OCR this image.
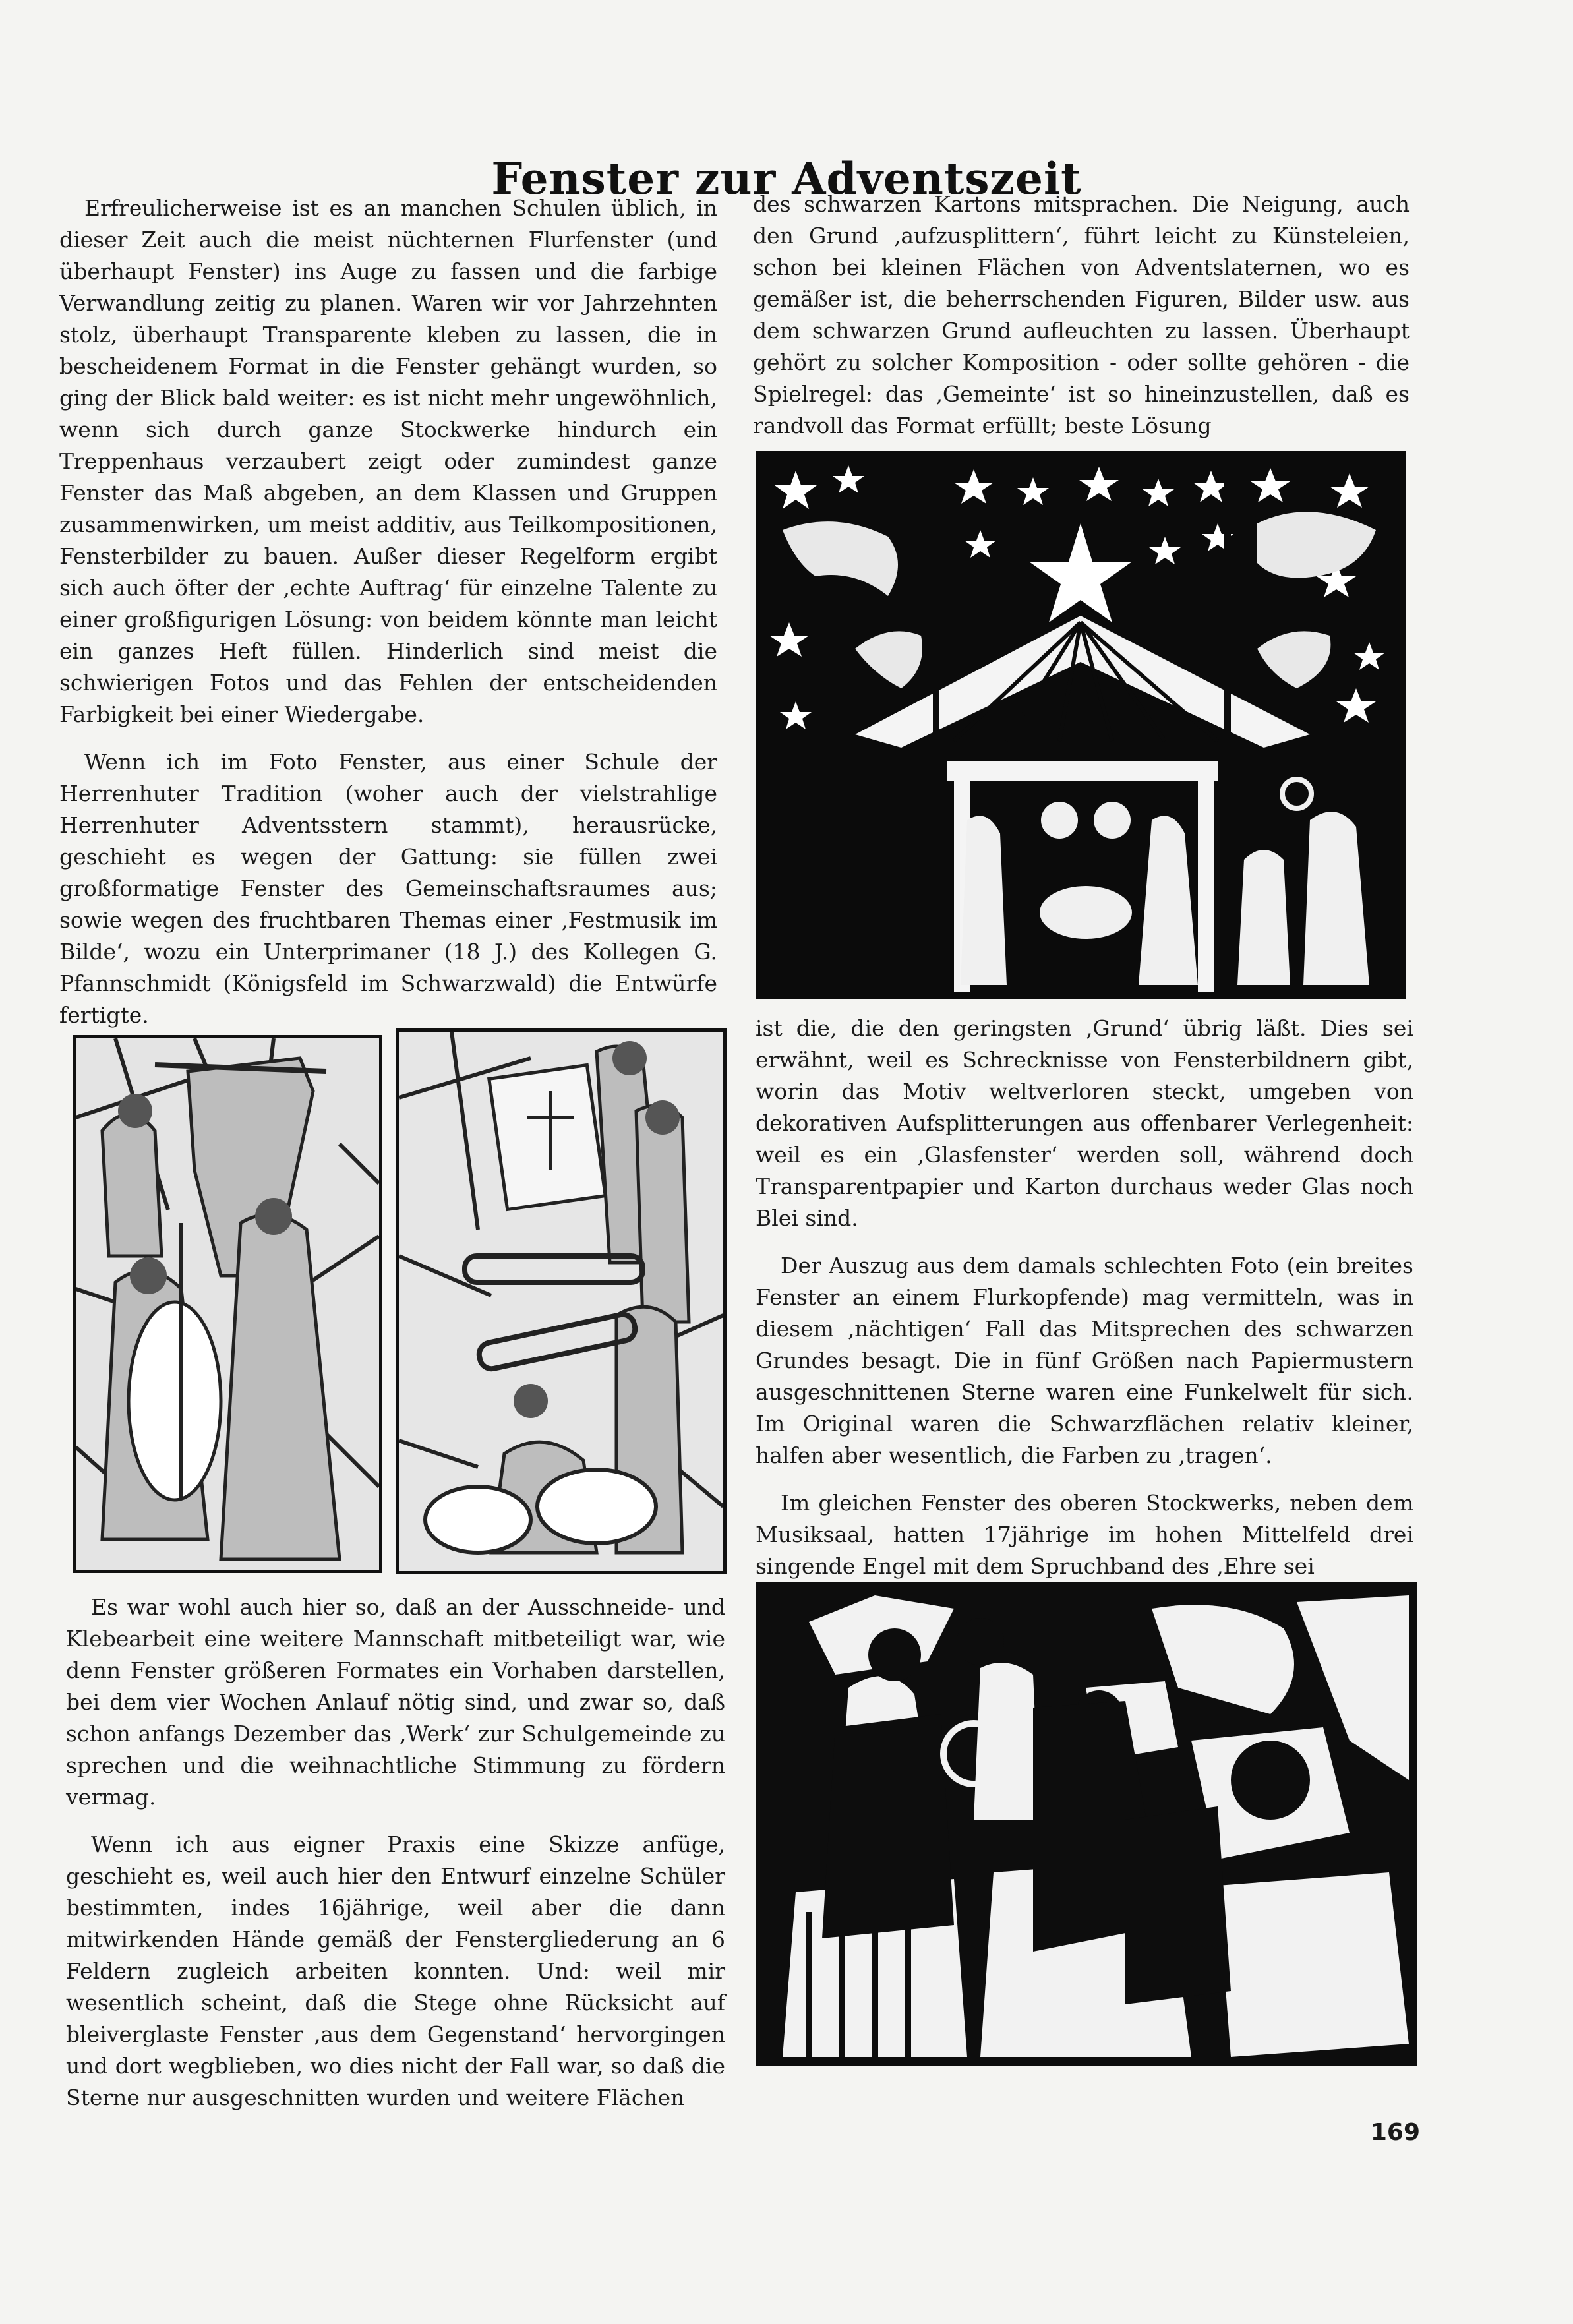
Fenster zur Adventszeit

Erfreulicherweise ist es an manchen Schulen üblich, in dieser Zeit auch die meist nüchternen Flurfenster (und überhaupt Fenster) ins Auge zu fassen und die farbige Verwandlung zeitig zu planen. Waren wir vor Jahrzehnten stolz, überhaupt Transparente kleben zu lassen, die in bescheidenem Format in die Fenster gehängt wurden, so ging der Blick bald weiter: es ist nicht mehr ungewöhnlich, wenn sich durch ganze Stockwerke hindurch ein Treppenhaus verzaubert zeigt oder zumindest ganze Fenster das Maß abgeben, an dem Klassen und Gruppen zusammenwirken, um meist additiv, aus Teilkompositionen, Fensterbilder zu bauen. Außer dieser Regelform ergibt sich auch öfter der ‚echte Auftrag‘ für einzelne Talente zu einer großfigurigen Lösung: von beidem könnte man leicht ein ganzes Heft füllen. Hinderlich sind meist die schwierigen Fotos und das Fehlen der entscheidenden Farbigkeit bei einer Wiedergabe.

Wenn ich im Foto Fenster, aus einer Schule der Herrenhuter Tradition (woher auch der vielstrahlige Herrenhuter Adventsstern stammt), herausrücke, geschieht es wegen der Gattung: sie füllen zwei großformatige Fenster des Gemeinschaftsraumes aus; sowie wegen des fruchtbaren Themas einer ‚Festmusik im Bilde‘, wozu ein Unterprimaner (18 J.) des Kollegen G. Pfannschmidt (Königsfeld im Schwarzwald) die Entwürfe fertigte.

des schwarzen Kartons mitsprachen. Die Neigung, auch den Grund ‚aufzusplittern‘, führt leicht zu Künsteleien, schon bei kleinen Flächen von Adventslaternen, wo es gemäßer ist, die beherrschenden Figuren, Bilder usw. aus dem schwarzen Grund aufleuchten zu lassen. Überhaupt gehört zu solcher Komposition - oder sollte gehören - die Spielregel: das ‚Gemeinte‘ ist so hineinzustellen, daß es randvoll das Format erfüllt; beste Lösung

ist die, die den geringsten ‚Grund‘ übrig läßt. Dies sei erwähnt, weil es Schrecknisse von Fensterbildnern gibt, worin das Motiv weltverloren steckt, umgeben von dekorativen Aufsplitterungen aus offenbarer Verlegenheit: weil es ein ‚Glasfenster‘ werden soll, während doch Transparentpapier und Karton durchaus weder Glas noch Blei sind.

Der Auszug aus dem damals schlechten Foto (ein breites Fenster an einem Flurkopfende) mag vermitteln, was in diesem ‚nächtigen‘ Fall das Mitsprechen des schwarzen Grundes besagt. Die in fünf Größen nach Papiermustern ausgeschnittenen Sterne waren eine Funkelwelt für sich. Im Original waren die Schwarzflächen relativ kleiner, halfen aber wesentlich, die Farben zu ‚tragen‘.

Im gleichen Fenster des oberen Stockwerks, neben dem Musiksaal, hatten 17jährige im hohen Mittelfeld drei singende Engel mit dem Spruchband des ‚Ehre sei

Es war wohl auch hier so, daß an der Ausschneide- und Klebearbeit eine weitere Mannschaft mitbeteiligt war, wie denn Fenster größeren Formates ein Vorhaben darstellen, bei dem vier Wochen Anlauf nötig sind, und zwar so, daß schon anfangs Dezember das ‚Werk‘ zur Schulgemeinde zu sprechen und die weihnachtliche Stimmung zu fördern vermag.

Wenn ich aus eigner Praxis eine Skizze anfüge, geschieht es, weil auch hier den Entwurf einzelne Schüler bestimmten, indes 16jährige, weil aber die dann mitwirkenden Hände gemäß der Fenstergliederung an 6 Feldern zugleich arbeiten konnten. Und: weil mir wesentlich scheint, daß die Stege ohne Rücksicht auf bleiverglaste Fenster ‚aus dem Gegenstand‘ hervorgingen und dort wegblieben, wo dies nicht der Fall war, so daß die Sterne nur ausgeschnitten wurden und weitere Flächen

169
